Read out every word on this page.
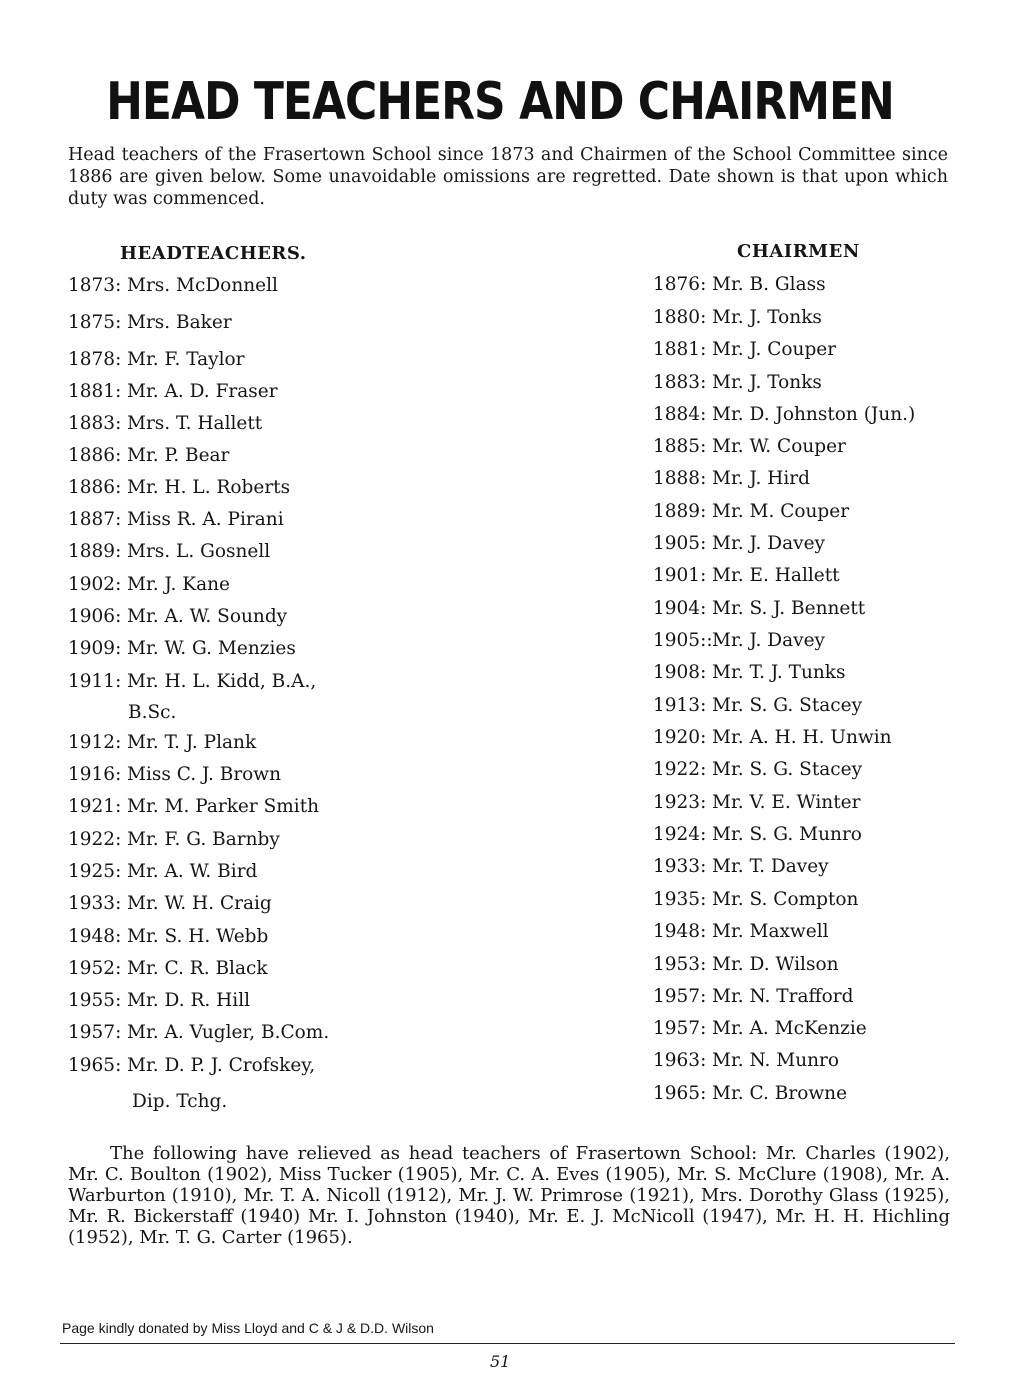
HEAD TEACHERS AND CHAIRMEN
Head teachers of the Frasertown School since 1873 and Chairmen of the School Committee since 1886 are given below. Some unavoidable omissions are regretted. Date shown is that upon which duty was commenced.
HEADTEACHERS.	CHAIRMEN
1873: Mrs. McDonnell
1875: Mrs. Baker
1878: Mr. F. Taylor
1881: Mr. A. D. Fraser
1883: Mrs. T. Hallett
1886: Mr. P. Bear
1886: Mr. H. L. Roberts
1887: Miss R. A. Pirani
1889: Mrs. L. Gosnell
1902: Mr. J. Kane
1906: Mr. A. W. Soundy
1909: Mr. W. G. Menzies
1911: Mr. H. L. Kidd, B.A.,
B.Sc.
1912: Mr. T. J. Plank
1916: Miss C. J. Brown
1921: Mr. M. Parker Smith
1922: Mr. F. G. Barnby
1925: Mr. A. W. Bird
1933: Mr. W. H. Craig
1948: Mr. S. H. Webb
1952: Mr. C. R. Black
1955: Mr. D. R. Hill
1957: Mr. A. Vugler, B.Com.
1965: Mr. D. P. J. Crofskey,
Dip. Tchg.
1876: Mr. B. Glass
1880: Mr. J. Tonks
1881: Mr. J. Couper
1883: Mr. J. Tonks
1884: Mr. D. Johnston (Jun.)
1885: Mr. W. Couper
1888: Mr. J. Hird
1889: Mr. M. Couper
1905: Mr. J. Davey
1901: Mr. E. Hallett
1904: Mr. S. J. Bennett
1905::Mr. J. Davey
1908: Mr. T. J. Tunks
1913: Mr. S. G. Stacey
1920: Mr. A. H. H. Unwin
1922: Mr. S. G. Stacey
1923: Mr. V. E. Winter
1924: Mr. S. G. Munro
1933: Mr. T. Davey
1935: Mr. S. Compton
1948: Mr. Maxwell
1953: Mr. D. Wilson
1957: Mr. N. Trafford
1957: Mr. A. McKenzie
1963: Mr. N. Munro
1965: Mr. C. Browne
The following have relieved as head teachers of Frasertown School: Mr. Charles (1902), Mr. C. Boulton (1902), Miss Tucker (1905), Mr. C. A. Eves (1905), Mr. S. McClure (1908), Mr. A. Warburton (1910), Mr. T. A. Nicoll (1912), Mr. J. W. Primrose (1921), Mrs. Dorothy Glass (1925), Mr. R. Bickerstaff (1940) Mr. I. Johnston (1940), Mr. E. J. McNicoll (1947), Mr. H. H. Hichling (1952), Mr. T. G. Carter (1965).
Page kindly donated by Miss Lloyd and C & J & D.D. Wilson
51
